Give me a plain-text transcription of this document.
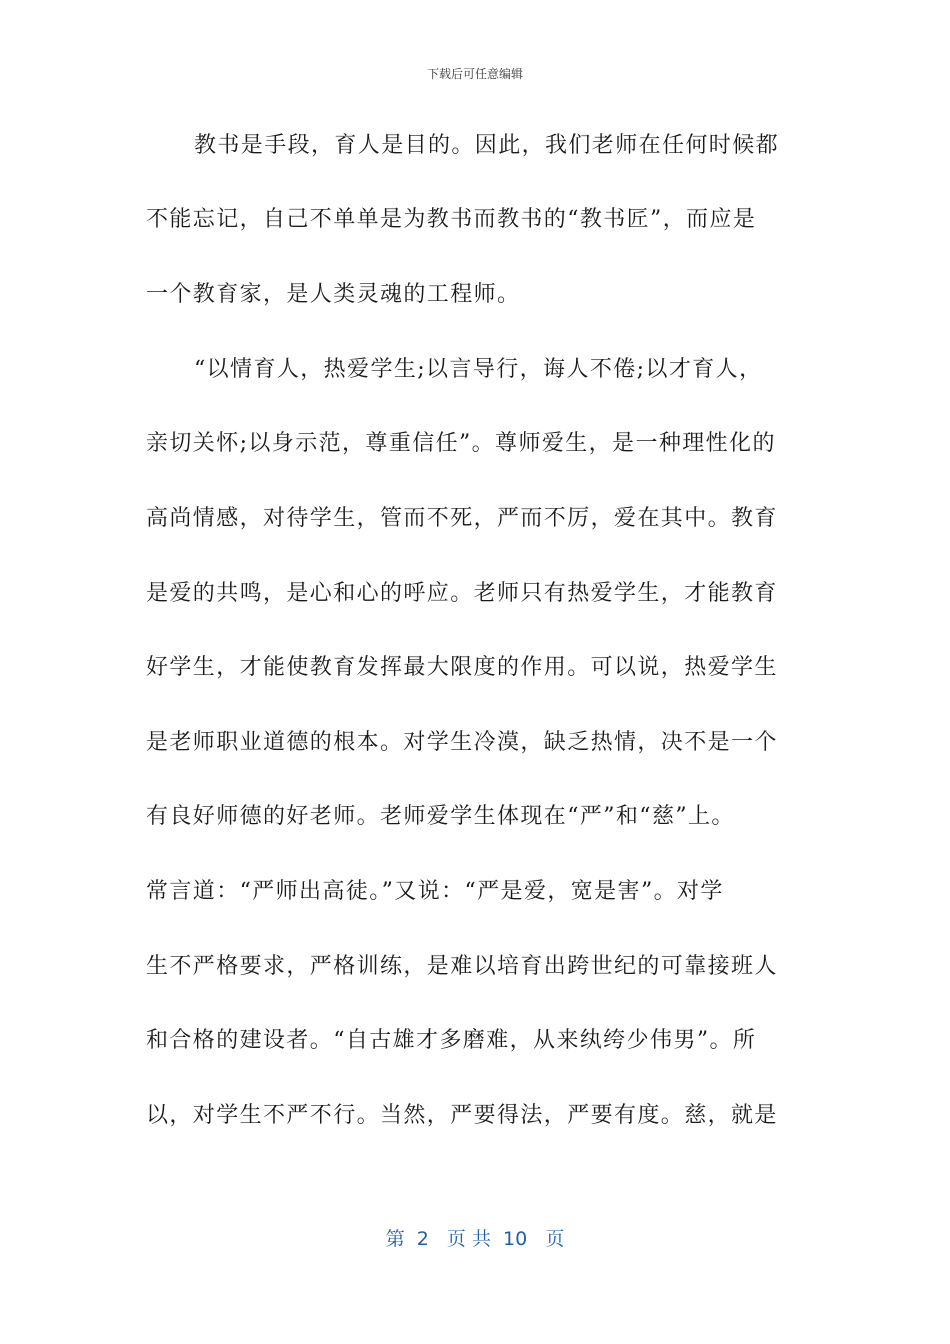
下载后可任意编辑

教书是手段，育人是目的。因此，我们老师在任何时候都

不能忘记，自己不单单是为教书而教书的“教书匠”，而应是

一个教育家，是人类灵魂的工程师。

“以情育人，热爱学生;以言导行，诲人不倦;以才育人，

亲切关怀;以身示范，尊重信任”。尊师爱生，是一种理性化的

高尚情感，对待学生，管而不死，严而不厉，爱在其中。教育

是爱的共鸣，是心和心的呼应。老师只有热爱学生，才能教育

好学生，才能使教育发挥最大限度的作用。可以说，热爱学生

是老师职业道德的根本。对学生冷漠，缺乏热情，决不是一个

有良好师德的好老师。老师爱学生体现在“严”和“慈”上。

常言道：“严师出高徒。”又说：“严是爱，宽是害”。对学

生不严格要求，严格训练，是难以培育出跨世纪的可靠接班人

和合格的建设者。“自古雄才多磨难，从来纨绔少伟男”。所

以，对学生不严不行。当然，严要得法，严要有度。慈，就是

第  2   页 共  10   页
